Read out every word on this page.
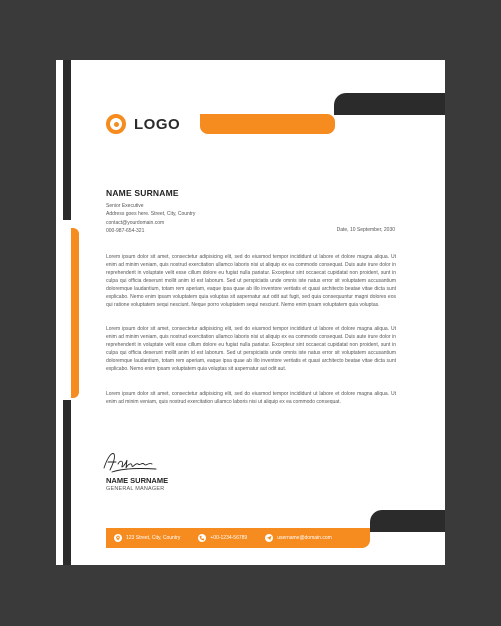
LOGO
NAME SURNAME
Senior Executive
Address goes here. Street, City, Country
contact@yourdomain.com
000-987-654-321	Date, 10 September, 2030

Lorem ipsum dolor sit amet, consectetur adipisicing elit, sed do eiusmod tempor incididunt ut labore et dolore magna aliqua. Ut enim ad minim veniam, quis nostrud exercitation ullamco laboris nisi ut aliquip ex ea commodo consequat. Duis aute irure dolor in reprehenderit in voluptate velit esse cillum dolore eu fugiat nulla pariatur. Excepteur sint occaecat cupidatat non proident, sunt in culpa qui officia deserunt mollit anim id est laborum. Sed ut perspiciatis unde omnis iste natus error sit voluptatem accusantium doloremque laudantium, totam rem aperiam, eaque ipsa quae ab illo inventore veritatis et quasi architecto beatae vitae dicta sunt explicabo. Nemo enim ipsam voluptatem quia voluptas sit aspernatur aut odit aut fugit, sed quia consequuntur magni dolores eos qui ratione voluptatem sequi nesciunt. Neque porro voluptatem sequi nesciunt. Nemo enim ipsam voluptatem quia voluptas.

Lorem ipsum dolor sit amet, consectetur adipisicing elit, sed do eiusmod tempor incididunt ut labore et dolore magna aliqua. Ut enim ad minim veniam, quis nostrud exercitation ullamco laboris nisi ut aliquip ex ea commodo consequat. Duis aute irure dolor in reprehenderit in voluptate velit esse cillum dolore eu fugiat nulla pariatur. Excepteur sint occaecat cupidatat non proident, sunt in culpa qui officia deserunt mollit anim id est laborum. Sed ut perspiciatis unde omnis iste natus error sit voluptatem accusantium doloremque laudantium, totam rem aperiam, eaque ipsa quae ab illo inventore veritatis et quasi architecto beatae vitae dicta sunt explicabo. Nemo enim ipsam voluptatem quia voluptas sit aspernatur aut odit aut.

Lorem ipsum dolor sit amet, consectetur adipisicing elit, sed do eiusmod tempor incididunt ut labore et dolore magna aliqua. Ut enim ad minim veniam, quis nostrud exercitation ullamco laboris nisi ut aliquip ex ea commodo consequat.

NAME SURNAME
GENERAL MANAGER
123 Street, City, Country	+00-1234-56789	username@domain.com
